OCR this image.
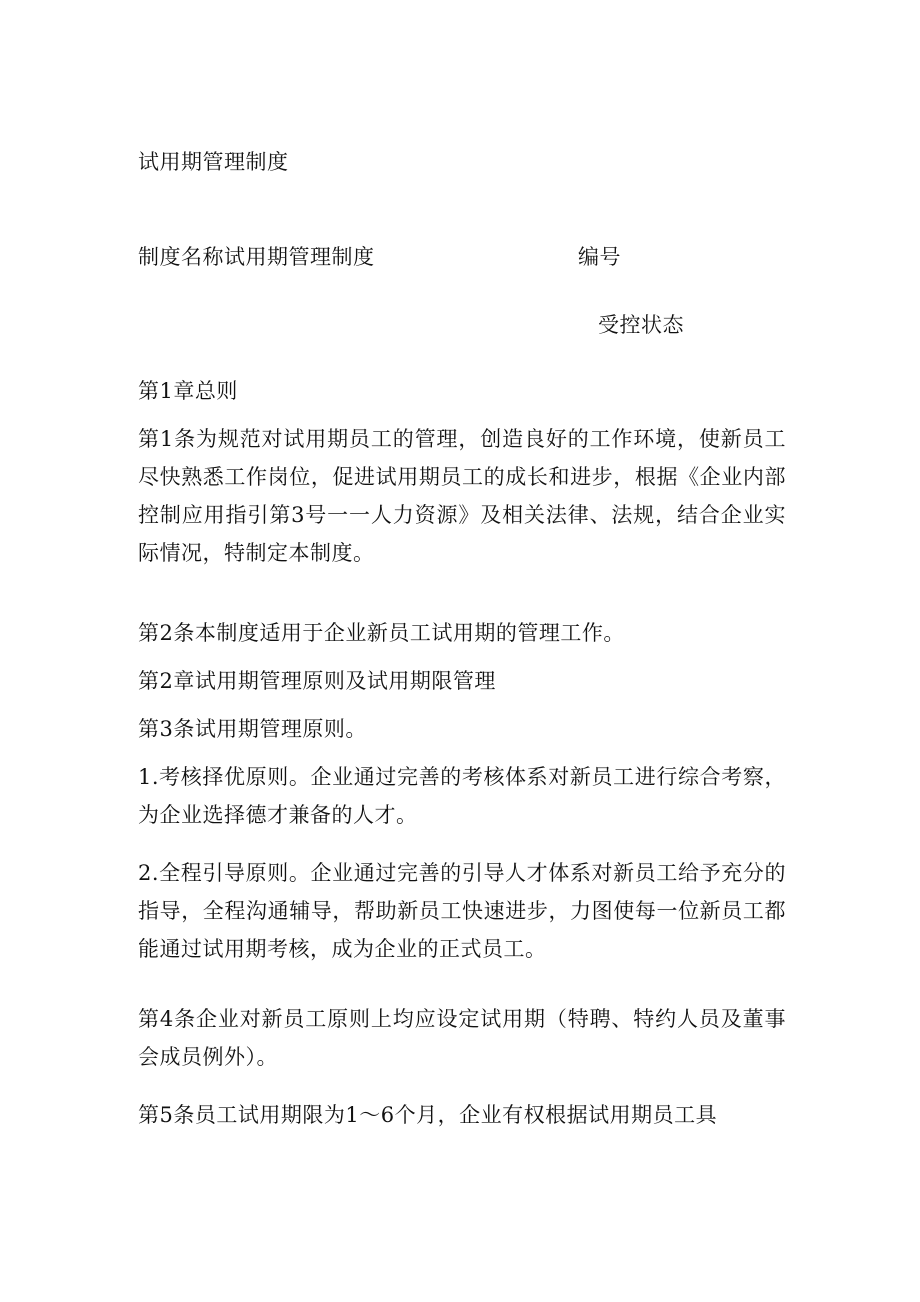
试用期管理制度
制度名称试用期管理制度	编号
受控状态
第1章总则
第1条为规范对试用期员工的管理，创造良好的工作环境，使新员工尽快熟悉工作岗位，促进试用期员工的成长和进步，根据《企业内部控制应用指引第3号一一人力资源》及相关法律、法规，结合企业实际情况，特制定本制度。
第2条本制度适用于企业新员工试用期的管理工作。
第2章试用期管理原则及试用期限管理
第3条试用期管理原则。
1.考核择优原则。企业通过完善的考核体系对新员工进行综合考察，为企业选择德才兼备的人才。
2.全程引导原则。企业通过完善的引导人才体系对新员工给予充分的指导，全程沟通辅导，帮助新员工快速进步，力图使每一位新员工都能通过试用期考核，成为企业的正式员工。
第4条企业对新员工原则上均应设定试用期（特聘、特约人员及董事会成员例外）。
第5条员工试用期限为1～6个月，企业有权根据试用期员工具
